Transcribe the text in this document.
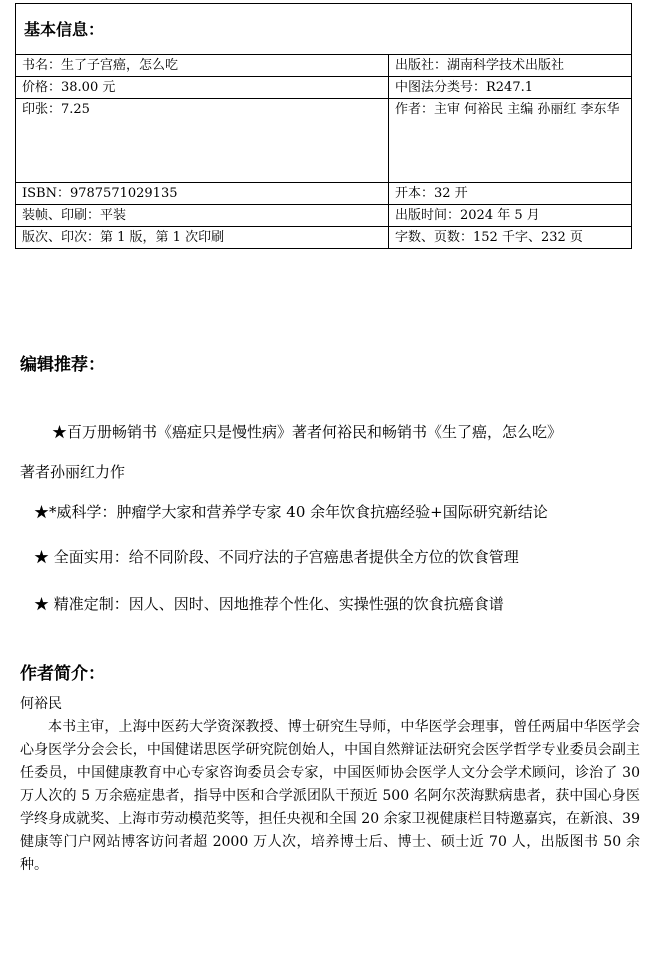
基本信息：	
书名：生了子宫癌，怎么吃	出版社：湖南科学技术出版社
价格：38.00 元	中图法分类号：R247.1
印张：7.25	作者：主审 何裕民 主编 孙丽红 李东华
ISBN：9787571029135	开本：32 开
装帧、印刷：平装	出版时间：2024 年 5 月
版次、印次：第 1 版，第 1 次印刷	字数、页数：152 千字、232 页
编辑推荐：

★百万册畅销书《癌症只是慢性病》著者何裕民和畅销书《生了癌，怎么吃》

著者孙丽红力作

★*威科学：肿瘤学大家和营养学专家 40 余年饮食抗癌经验+国际研究新结论

★ 全面实用：给不同阶段、不同疗法的子宫癌患者提供全方位的饮食管理

★ 精准定制：因人、因时、因地推荐个性化、实操性强的饮食抗癌食谱

作者简介：

何裕民

本书主审，上海中医药大学资深教授、博士研究生导师，中华医学会理事，曾任两届中华医学会心身医学分会会长，中国健诺思医学研究院创始人，中国自然辩证法研究会医学哲学专业委员会副主任委员，中国健康教育中心专家咨询委员会专家，中国医师协会医学人文分会学术顾问，诊治了 30 万人次的 5 万余癌症患者，指导中医和合学派团队干预近 500 名阿尔茨海默病患者，获中国心身医学终身成就奖、上海市劳动模范奖等，担任央视和全国 20 余家卫视健康栏目特邀嘉宾，在新浪、39 健康等门户网站博客访问者超 2000 万人次，培养博士后、博士、硕士近 70 人，出版图书 50 余种。
